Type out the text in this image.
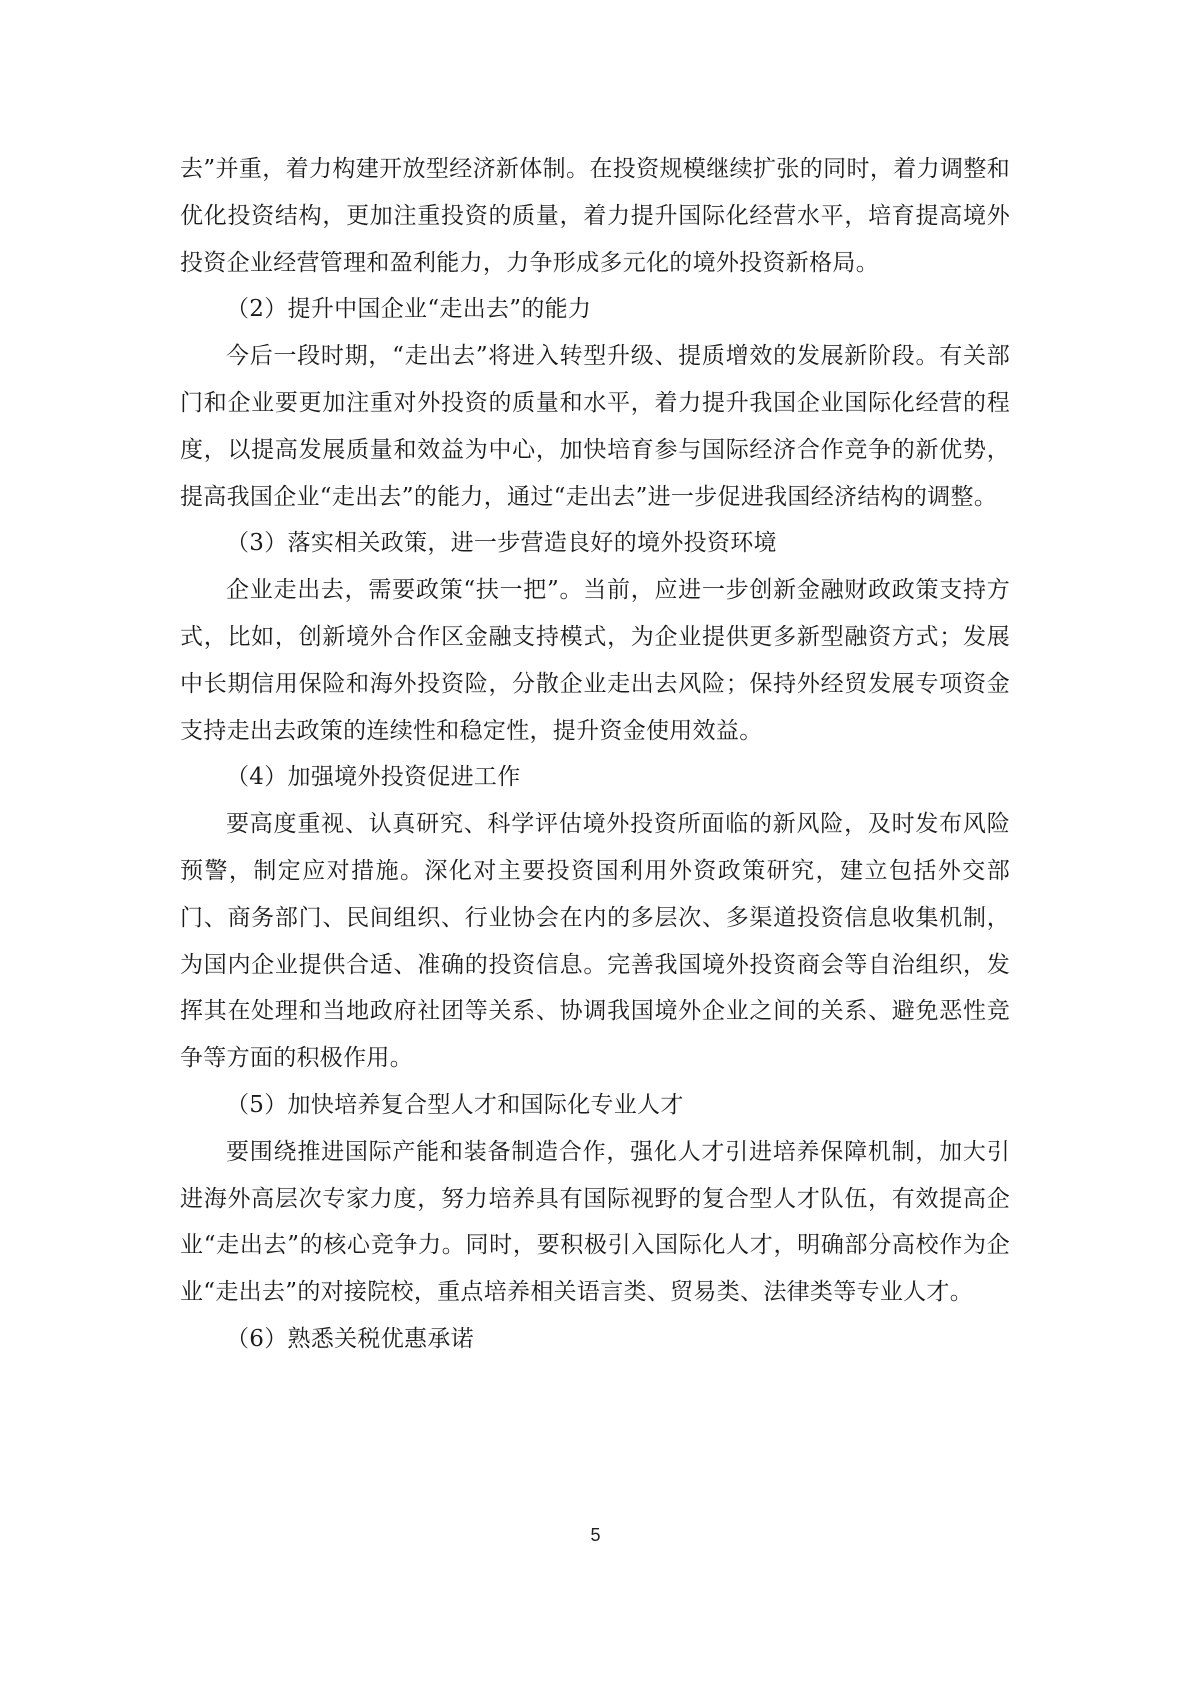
去”并重，着力构建开放型经济新体制。在投资规模继续扩张的同时，着力调整和优化投资结构，更加注重投资的质量，着力提升国际化经营水平，培育提高境外投资企业经营管理和盈利能力，力争形成多元化的境外投资新格局。

（2）提升中国企业“走出去”的能力

今后一段时期，“走出去”将进入转型升级、提质增效的发展新阶段。有关部门和企业要更加注重对外投资的质量和水平，着力提升我国企业国际化经营的程度，以提高发展质量和效益为中心，加快培育参与国际经济合作竞争的新优势，提高我国企业“走出去”的能力，通过“走出去”进一步促进我国经济结构的调整。

（3）落实相关政策，进一步营造良好的境外投资环境

企业走出去，需要政策“扶一把”。当前，应进一步创新金融财政政策支持方式，比如，创新境外合作区金融支持模式，为企业提供更多新型融资方式；发展中长期信用保险和海外投资险，分散企业走出去风险；保持外经贸发展专项资金支持走出去政策的连续性和稳定性，提升资金使用效益。

（4）加强境外投资促进工作

要高度重视、认真研究、科学评估境外投资所面临的新风险，及时发布风险预警，制定应对措施。深化对主要投资国利用外资政策研究，建立包括外交部门、商务部门、民间组织、行业协会在内的多层次、多渠道投资信息收集机制，为国内企业提供合适、准确的投资信息。完善我国境外投资商会等自治组织，发挥其在处理和当地政府社团等关系、协调我国境外企业之间的关系、避免恶性竞争等方面的积极作用。

（5）加快培养复合型人才和国际化专业人才

要围绕推进国际产能和装备制造合作，强化人才引进培养保障机制，加大引进海外高层次专家力度，努力培养具有国际视野的复合型人才队伍，有效提高企业“走出去”的核心竞争力。同时，要积极引入国际化人才，明确部分高校作为企业“走出去”的对接院校，重点培养相关语言类、贸易类、法律类等专业人才。

（6）熟悉关税优惠承诺

5
